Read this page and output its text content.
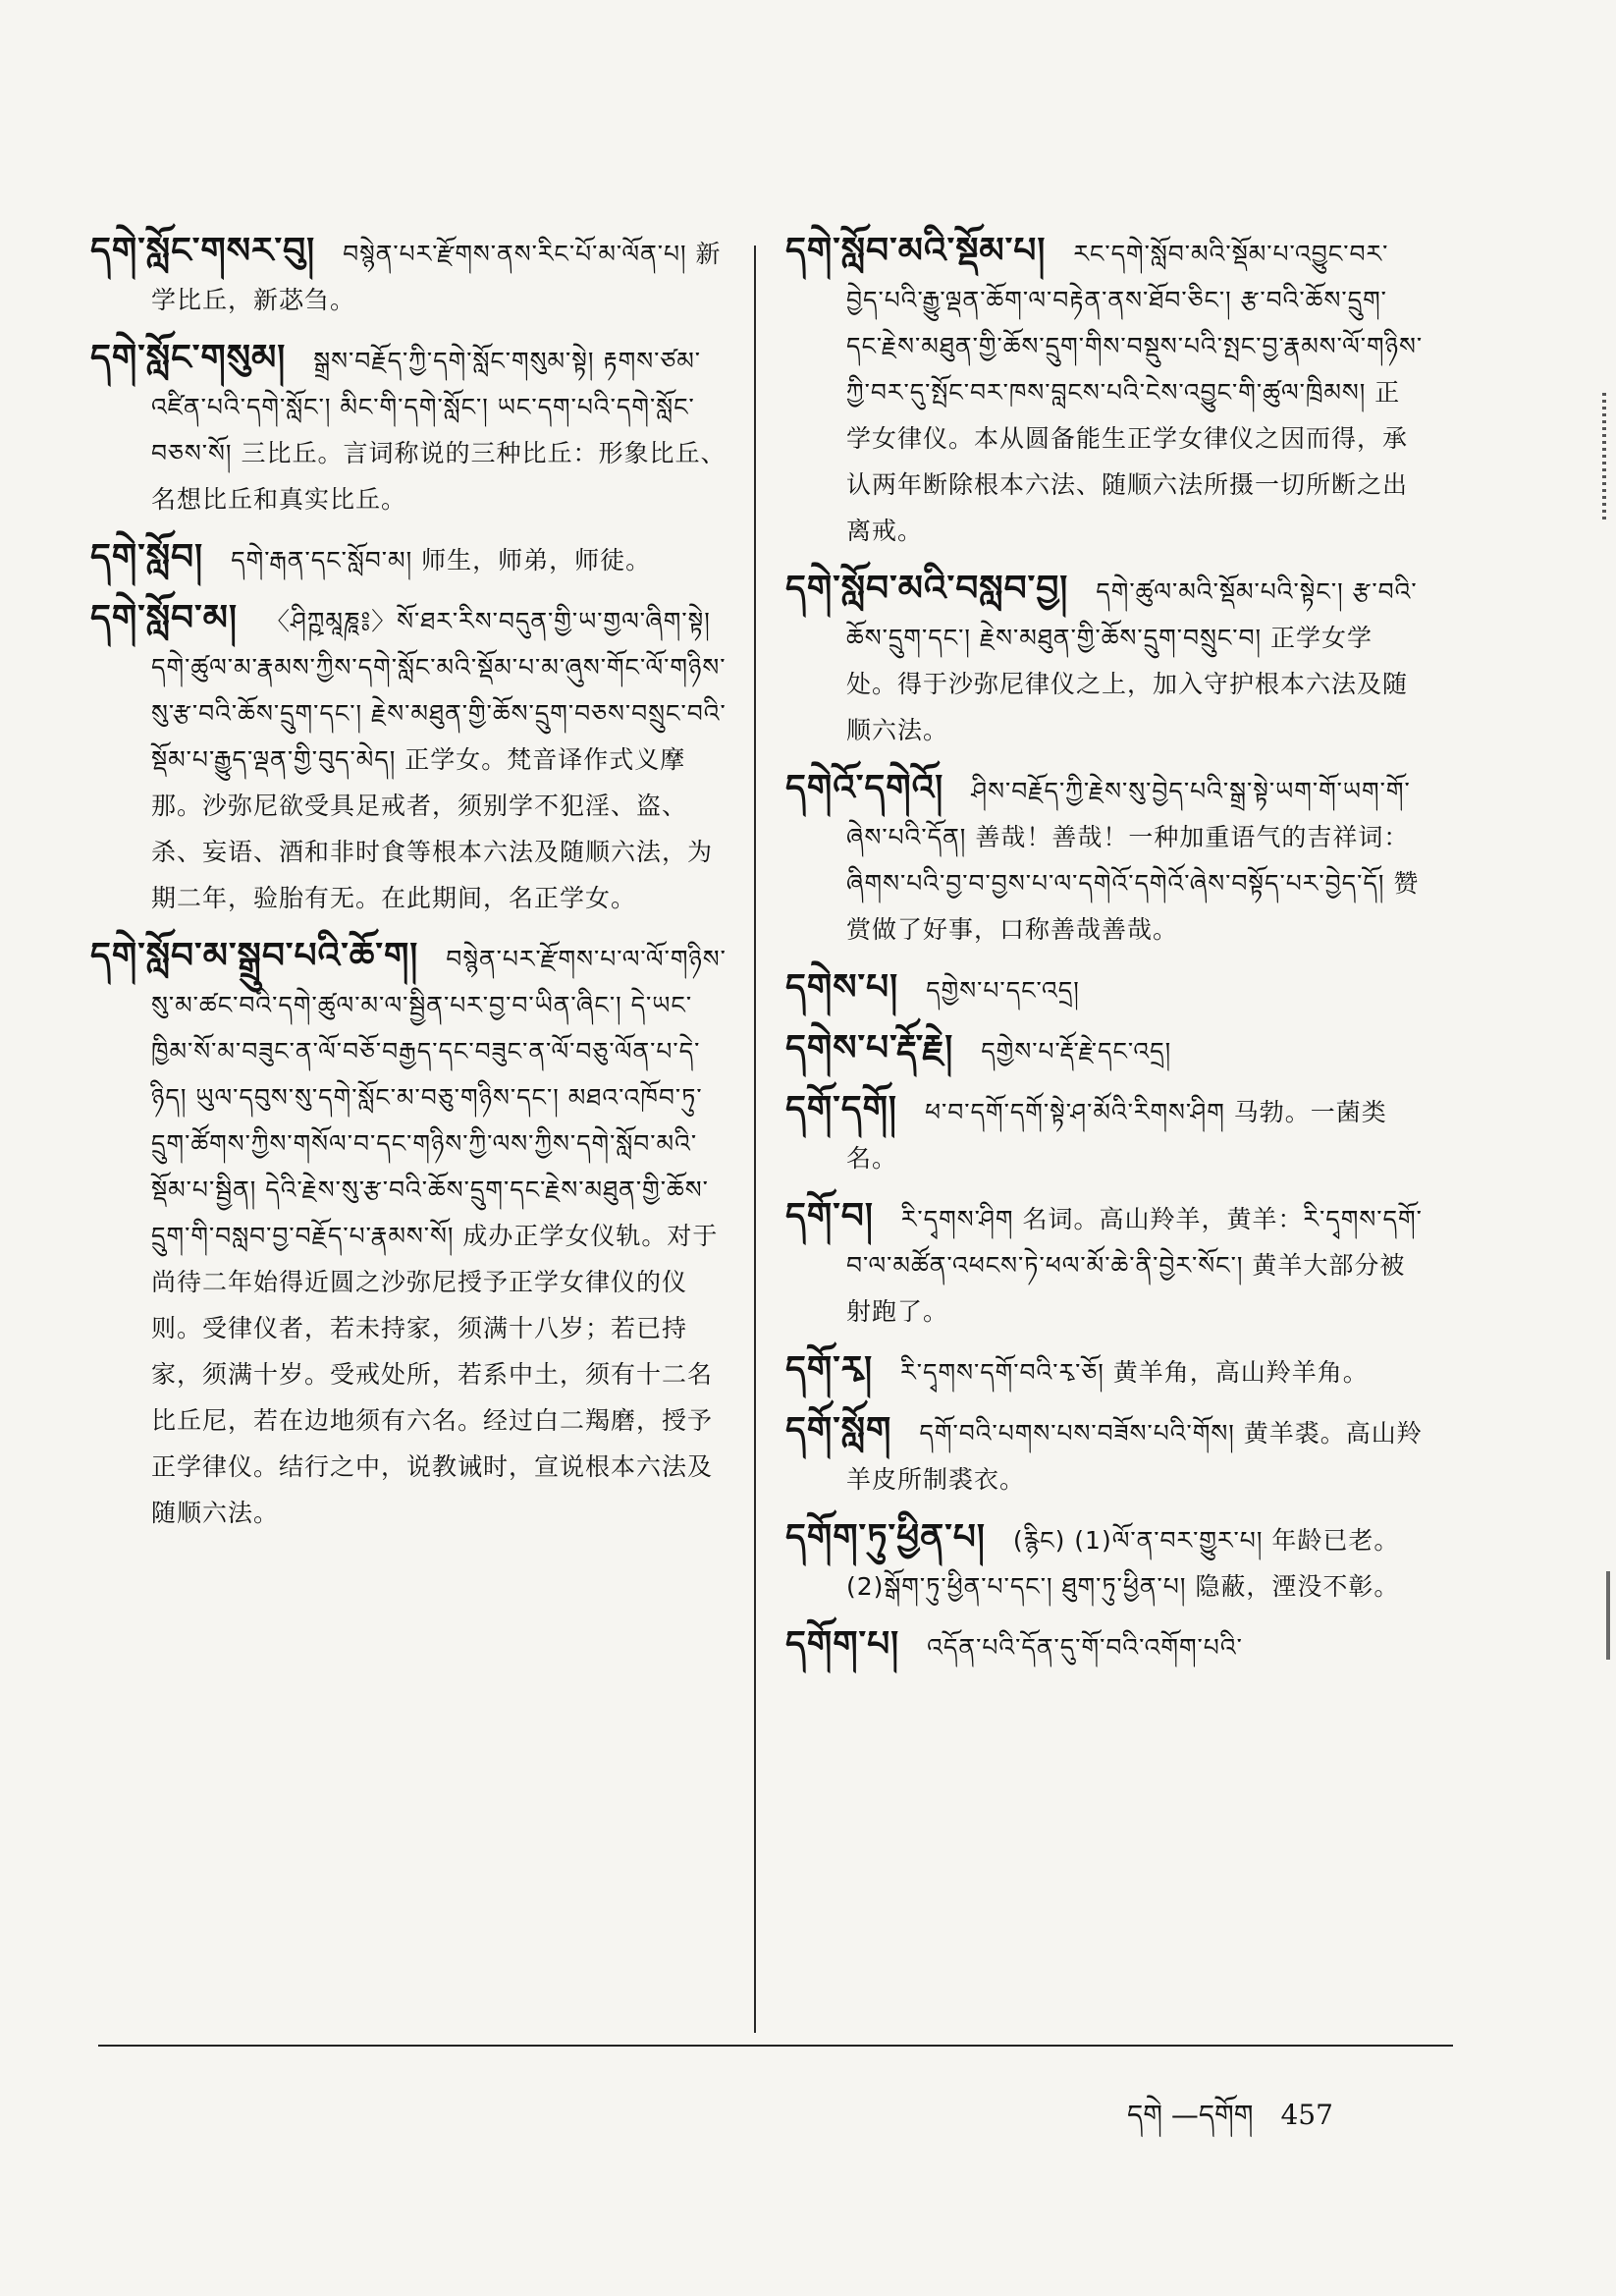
དགེ་སློང་གསར་བུ། བསྙེན་པར་རྫོགས་ནས་རིང་པོ་མ་ལོན་པ། 新学比丘，新苾刍。

དགེ་སློང་གསུམ། སྒྲས་བརྗོད་ཀྱི་དགེ་སློང་གསུམ་སྟེ། རྟགས་ཙམ་འཛིན་པའི་དགེ་སློང་། མིང་གི་དགེ་སློང་། ཡང་དག་པའི་དགེ་སློང་བཅས་སོ། 三比丘。言词称说的三种比丘：形象比丘、名想比丘和真实比丘。

དགེ་སློབ། དགེ་རྒན་དང་སློབ་མ། 师生，师弟，师徒。

དགེ་སློབ་མ། 〈ཤིཀྵམཱཎཱ༔〉སོ་ཐར་རིས་བདུན་གྱི་ཡ་གྱལ་ཞིག་སྟེ། དགེ་ཚུལ་མ་རྣམས་ཀྱིས་དགེ་སློང་མའི་སྡོམ་པ་མ་ཞུས་གོང་ལོ་གཉིས་སུ་རྩ་བའི་ཆོས་དྲུག་དང་། རྗེས་མཐུན་གྱི་ཆོས་དྲུག་བཅས་བསྲུང་བའི་སྡོམ་པ་རྒྱུད་ལྡན་གྱི་བུད་མེད། 正学女。梵音译作式义摩那。沙弥尼欲受具足戒者，须别学不犯淫、盗、杀、妄语、酒和非时食等根本六法及随顺六法，为期二年，验胎有无。在此期间，名正学女。

དགེ་སློབ་མ་སྒྲུབ་པའི་ཆོ་ག། བསྙེན་པར་རྫོགས་པ་ལ་ལོ་གཉིས་སུ་མ་ཚང་བའི་དགེ་ཚུལ་མ་ལ་སྦྱིན་པར་བྱ་བ་ཡིན་ཞིང་། དེ་ཡང་ཁྱིམ་སོ་མ་བཟུང་ན་ལོ་བཅོ་བརྒྱད་དང་བཟུང་ན་ལོ་བཅུ་ལོན་པ་དེ་ཉིད། ཡུལ་དབུས་སུ་དགེ་སློང་མ་བཅུ་གཉིས་དང་། མཐའ་འཁོབ་ཏུ་དྲུག་ཚོགས་ཀྱིས་གསོལ་བ་དང་གཉིས་ཀྱི་ལས་ཀྱིས་དགེ་སློབ་མའི་སྡོམ་པ་སྦྱིན། དེའི་རྗེས་སུ་རྩ་བའི་ཆོས་དྲུག་དང་རྗེས་མཐུན་གྱི་ཆོས་དྲུག་གི་བསླབ་བྱ་བརྗོད་པ་རྣམས་སོ། 成办正学女仪轨。对于尚待二年始得近圆之沙弥尼授予正学女律仪的仪则。受律仪者，若未持家，须满十八岁；若已持家，须满十岁。受戒处所，若系中土，须有十二名比丘尼，若在边地须有六名。经过白二羯磨，授予正学律仪。结行之中，说教诫时，宣说根本六法及随顺六法。

དགེ་སློབ་མའི་སྡོམ་པ། རང་དགེ་སློབ་མའི་སྡོམ་པ་འབྱུང་བར་བྱེད་པའི་རྒྱུ་ལྡན་ཆོག་ལ་བརྟེན་ནས་ཐོབ་ཅིང་། རྩ་བའི་ཆོས་དྲུག་དང་རྗེས་མཐུན་གྱི་ཆོས་དྲུག་གིས་བསྡུས་པའི་སྤང་བྱ་རྣམས་ལོ་གཉིས་ཀྱི་བར་དུ་སྤོང་བར་ཁས་བླངས་པའི་ངེས་འབྱུང་གི་ཚུལ་ཁྲིམས། 正学女律仪。本从圆备能生正学女律仪之因而得，承认两年断除根本六法、随顺六法所摄一切所断之出离戒。

དགེ་སློབ་མའི་བསླབ་བྱ། དགེ་ཚུལ་མའི་སྡོམ་པའི་སྟེང་། རྩ་བའི་ཆོས་དྲུག་དང་། རྗེས་མཐུན་གྱི་ཆོས་དྲུག་བསྲུང་བ། 正学女学处。得于沙弥尼律仪之上，加入守护根本六法及随顺六法。

དགེའོ་དགེའོ། ཤིས་བརྗོད་ཀྱི་རྗེས་སུ་བྱེད་པའི་སྒྲ་སྟེ་ཡག་གོ་ཡག་གོ་ཞེས་པའི་དོན། 善哉！善哉！一种加重语气的吉祥词：ཞིགས་པའི་བྱ་བ་བྱས་པ་ལ་དགེའོ་དགེའོ་ཞེས་བསྟོད་པར་བྱེད་དོ། 赞赏做了好事，口称善哉善哉。

དགེས་པ། དགྱེས་པ་དང་འདྲ།

དགེས་པ་རྡོ་རྗེ། དགྱེས་པ་རྡོ་རྗེ་དང་འདྲ།

དགོ་དགོ། ཕ་བ་དགོ་དགོ་སྟེ་ཤ་མོའི་རིགས་ཤིག 马勃。一菌类名。

དགོ་བ། ཪི་དྭགས་ཤིག 名词。高山羚羊，黄羊：རི་དྭགས་དགོ་བ་ལ་མཚོན་འཕངས་ཏེ་ཕལ་མོ་ཆེ་ནི་བྱེར་སོང་། 黄羊大部分被射跑了。

དགོ་རྭ། རི་དྭགས་དགོ་བའི་རྭ་ཅོ། 黄羊角，高山羚羊角。

དགོ་སློག དགོ་བའི་པགས་པས་བཟོས་པའི་གོས། 黄羊裘。高山羚羊皮所制裘衣。

དགོག་ཏུ་ཕྱིན་པ། (རྙིང) (1)ལོ་ན་བར་གྱུར་པ། 年龄已老。(2)སྒོག་ཏུ་ཕྱིན་པ་དང་། ཐུག་ཏུ་ཕྱིན་པ། 隐蔽，湮没不彰。

དགོག་པ། འདོན་པའི་དོན་དུ་གོ་བའི་འགོག་པའི་

དགེ —དགོག 457
